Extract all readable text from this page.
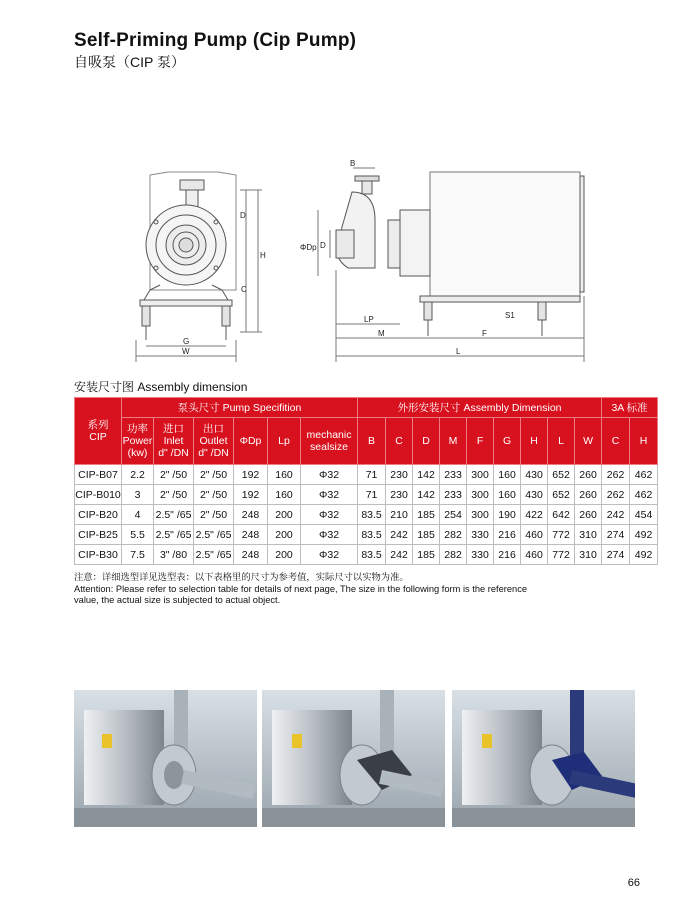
Self-Priming Pump (Cip Pump)
自吸泵（CIP 泵）
D
C
H
G
W
B
ΦDp D
LP	S1
M	F
L
安装尺寸图 Assembly dimension
系列
CIP	泵头尺寸 Pump Specifition						外形安装尺寸 Assembly Dimension									3A 标准	
	功率
Power
(kw)	进口
Inlet
d" /DN	出口
Outlet
d" /DN	ΦDp	Lp	mechanic
sealsize	B	C	D	M	F	G	H	L	W	C	H
CIP-B07	2.2	2" /50	2" /50	192	160	Φ32	71	230	142	233	300	160	430	652	260	262	462
CIP-B010	3	2" /50	2" /50	192	160	Φ32	71	230	142	233	300	160	430	652	260	262	462
CIP-B20	4	2.5" /65	2" /50	248	200	Φ32	83.5	210	185	254	300	190	422	642	260	242	454
CIP-B25	5.5	2.5" /65	2.5" /65	248	200	Φ32	83.5	242	185	282	330	216	460	772	310	274	492
CIP-B30	7.5	3" /80	2.5" /65	248	200	Φ32	83.5	242	185	282	330	216	460	772	310	274	492
注意：详细选型详见选型表：以下表格里的尺寸为参考值，实际尺寸以实物为准。
Attention: Please refer to selection table for details of next page, The size in the following form is the reference
value, the actual size is subjected to actual object.
66
